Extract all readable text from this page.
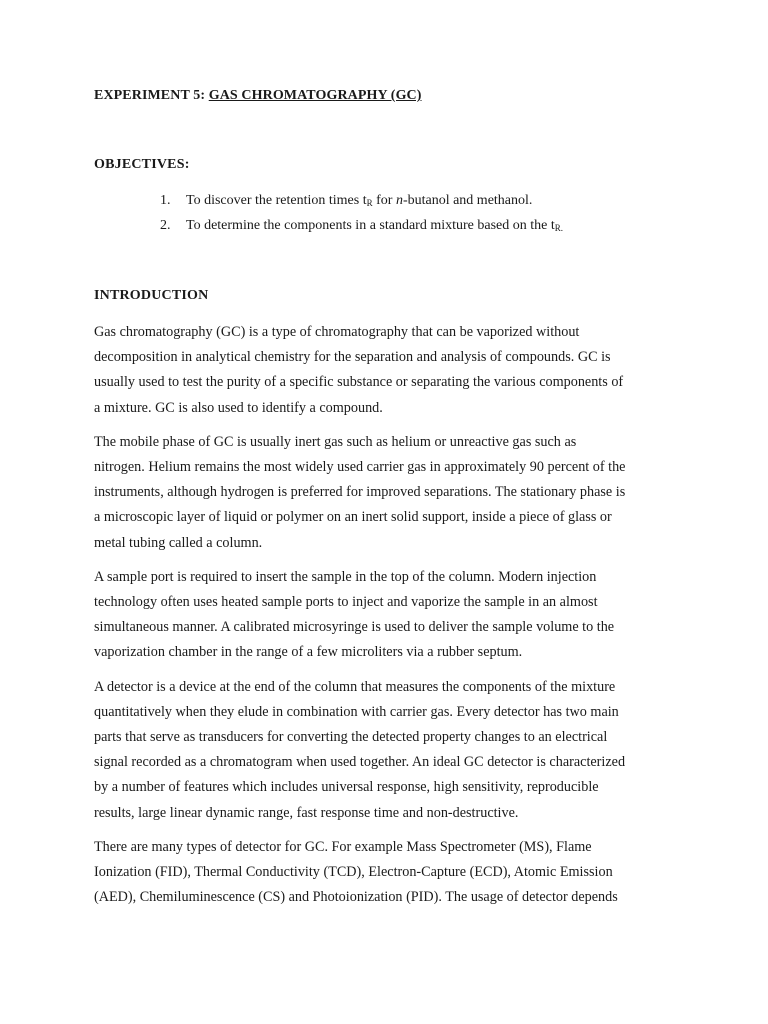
EXPERIMENT 5: GAS CHROMATOGRAPHY (GC)
OBJECTIVES:
1. To discover the retention times $t_R$ for n-butanol and methanol.
2. To determine the components in a standard mixture based on the $t_{R.}$
INTRODUCTION

Gas chromatography (GC) is a type of chromatography that can be vaporized without
decomposition in analytical chemistry for the separation and analysis of compounds. GC is
usually used to test the purity of a specific substance or separating the various components of
a mixture. GC is also used to identify a compound.

The mobile phase of GC is usually inert gas such as helium or unreactive gas such as
nitrogen. Helium remains the most widely used carrier gas in approximately 90 percent of the
instruments, although hydrogen is preferred for improved separations. The stationary phase is
a microscopic layer of liquid or polymer on an inert solid support, inside a piece of glass or
metal tubing called a column.

A sample port is required to insert the sample in the top of the column. Modern injection
technology often uses heated sample ports to inject and vaporize the sample in an almost
simultaneous manner. A calibrated microsyringe is used to deliver the sample volume to the
vaporization chamber in the range of a few microliters via a rubber septum.

A detector is a device at the end of the column that measures the components of the mixture
quantitatively when they elude in combination with carrier gas. Every detector has two main
parts that serve as transducers for converting the detected property changes to an electrical
signal recorded as a chromatogram when used together. An ideal GC detector is characterized
by a number of features which includes universal response, high sensitivity, reproducible
results, large linear dynamic range, fast response time and non-destructive.

There are many types of detector for GC. For example Mass Spectrometer (MS), Flame
Ionization (FID), Thermal Conductivity (TCD), Electron-Capture (ECD), Atomic Emission
(AED), Chemiluminescence (CS) and Photoionization (PID). The usage of detector depends
